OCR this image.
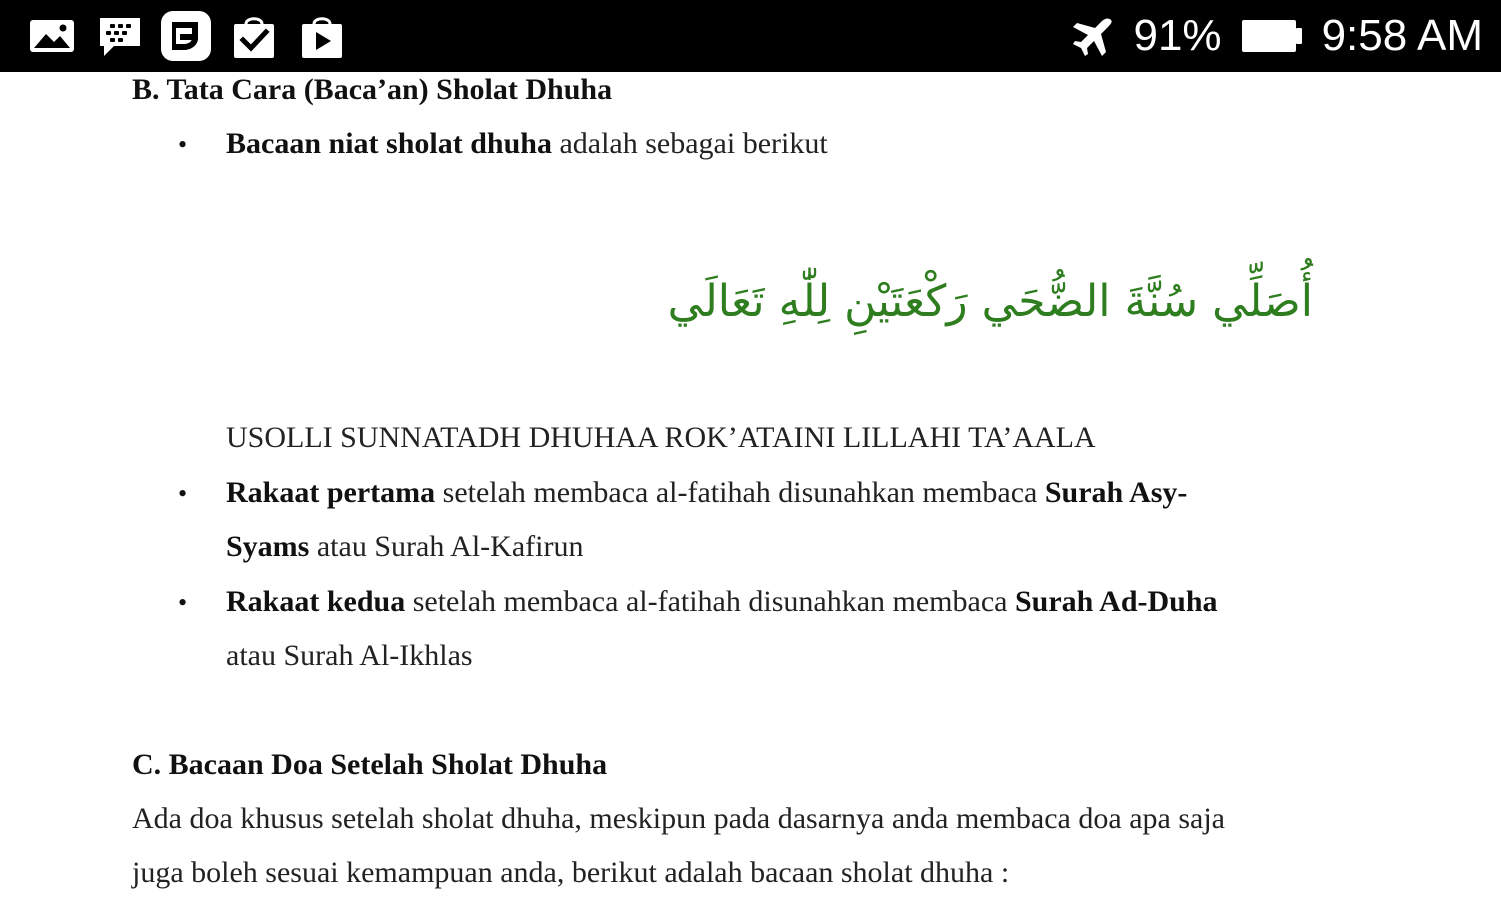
91% 9:58 AM
B. Tata Cara (Baca’an) Sholat Dhuha
• Bacaan niat sholat dhuha adalah sebagai berikut
أُصَلِّي سُنَّةَ الضُّحَي رَكْعَتَيْنِ لِلّٰهِ تَعَالَي
USOLLI SUNNATADH DHUHAA ROK’ATAINI LILLAHI TA’AALA
• Rakaat pertama setelah membaca al-fatihah disunahkan membaca Surah Asy-
Syams atau Surah Al-Kafirun
• Rakaat kedua setelah membaca al-fatihah disunahkan membaca Surah Ad-Duha
atau Surah Al-Ikhlas
C. Bacaan Doa Setelah Sholat Dhuha
Ada doa khusus setelah sholat dhuha, meskipun pada dasarnya anda membaca doa apa saja
juga boleh sesuai kemampuan anda, berikut adalah bacaan sholat dhuha :
